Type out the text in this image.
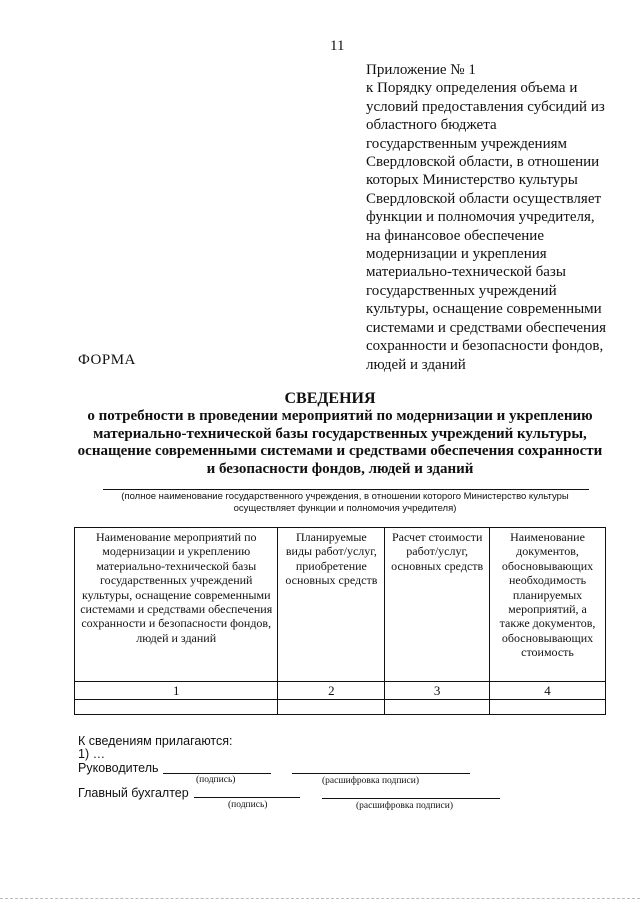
11
Приложение № 1
к Порядку определения объема и
условий предоставления субсидий из
областного бюджета
государственным учреждениям
Свердловской области, в отношении
которых Министерство культуры
Свердловской области осуществляет
функции и полномочия учредителя,
на финансовое обеспечение
модернизации и укрепления
материально-технической базы
государственных учреждений
культуры, оснащение современными
системами и средствами обеспечения
сохранности и безопасности фондов,
людей и зданий
ФОРМА
СВЕДЕНИЯ
о потребности в проведении мероприятий по модернизации и укреплению
материально-технической базы государственных учреждений культуры,
оснащение современными системами и средствами обеспечения сохранности
и безопасности фондов, людей и зданий
(полное наименование государственного учреждения, в отношении которого Министерство культуры
осуществляет функции и полномочия учредителя)
Наименование мероприятий по модернизации и укреплению материально-технической базы государственных учреждений культуры, оснащение современными системами и средствами обеспечения сохранности и безопасности фондов, людей и зданий	Планируемые виды работ/услуг, приобретение основных средств	Расчет стоимости работ/услуг, основных средств	Наименование документов, обосновывающих необходимость планируемых мероприятий, а также документов, обосновывающих стоимость
1	2	3	4

К сведениям прилагаются:
1) …
Руководитель
(подпись)	(расшифровка подписи)
Главный бухгалтер
(подпись)	(расшифровка подписи)
